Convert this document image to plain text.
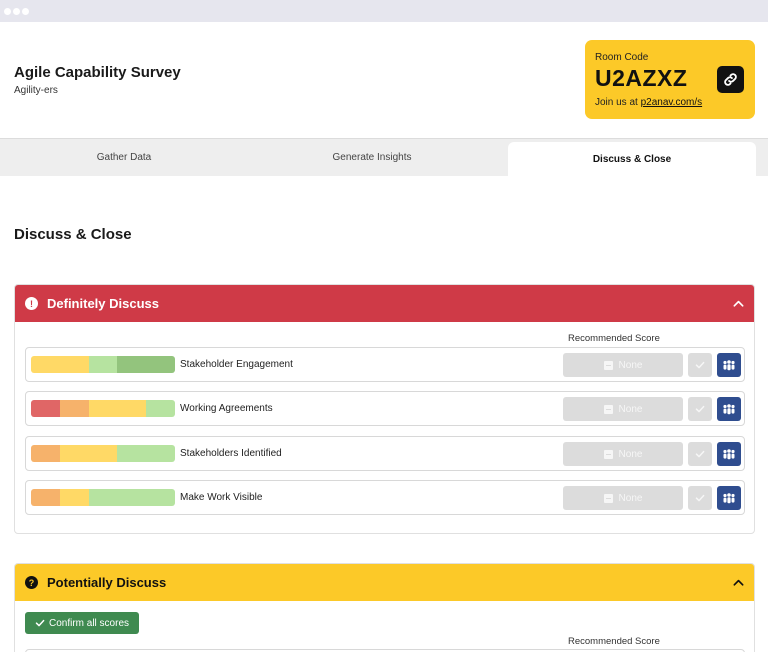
Agile Capability Survey
Agility-ers
Room Code
U2AZXZ
Join us at p2anav.com/s
Gather Data	Generate Insights	Discuss & Close
Discuss & Close
!	Definitely Discuss
Recommended Score
Stakeholder Engagement	None
Working Agreements	None
Stakeholders Identified	None
Make Work Visible	None
? Potentially Discuss
Confirm all scores
Recommended Score
